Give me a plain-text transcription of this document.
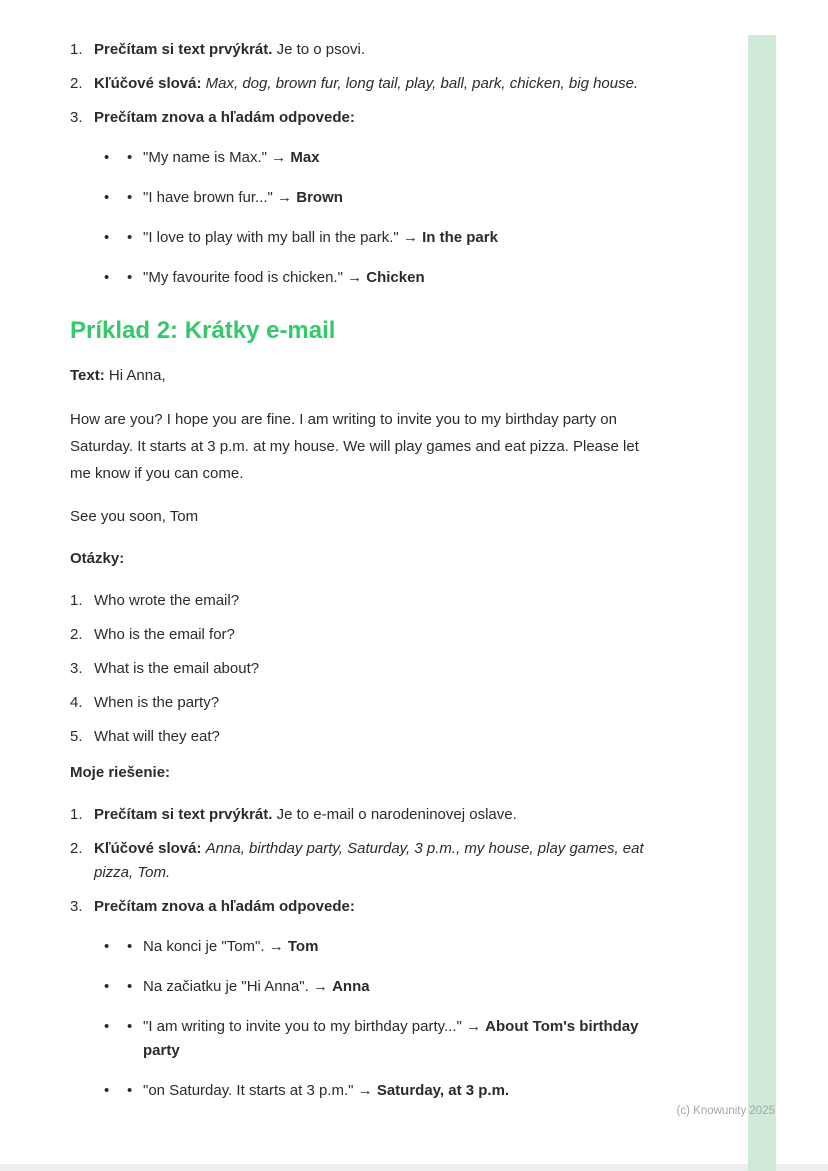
1. Prečítam si text prvýkrát. Je to o psovi.
2. Kľúčové slová: Max, dog, brown fur, long tail, play, ball, park, chicken, big house.
3. Prečítam znova a hľadám odpovede:
•	• "My name is Max." → Max
•	• "I have brown fur..." → Brown
•	• "I love to play with my ball in the park." → In the park
•	• "My favourite food is chicken." → Chicken
Príklad 2: Krátky e-mail

Text: Hi Anna,

How are you? I hope you are fine. I am writing to invite you to my birthday party on Saturday. It starts at 3 p.m. at my house. We will play games and eat pizza. Please let me know if you can come.

See you soon, Tom

Otázky:

1. Who wrote the email?
2. Who is the email for?
3. What is the email about?
4. When is the party?
5. What will they eat?

Moje riešenie:

1. Prečítam si text prvýkrát. Je to e-mail o narodeninovej oslave.
2. Kľúčové slová: Anna, birthday party, Saturday, 3 p.m., my house, play games, eat pizza, Tom.
3. Prečítam znova a hľadám odpovede:
•	• Na konci je "Tom". → Tom
•	• Na začiatku je "Hi Anna". → Anna
•	• "I am writing to invite you to my birthday party..." → About Tom's birthday party
•	• "on Saturday. It starts at 3 p.m." → Saturday, at 3 p.m.
(c) Knowunity 2025
